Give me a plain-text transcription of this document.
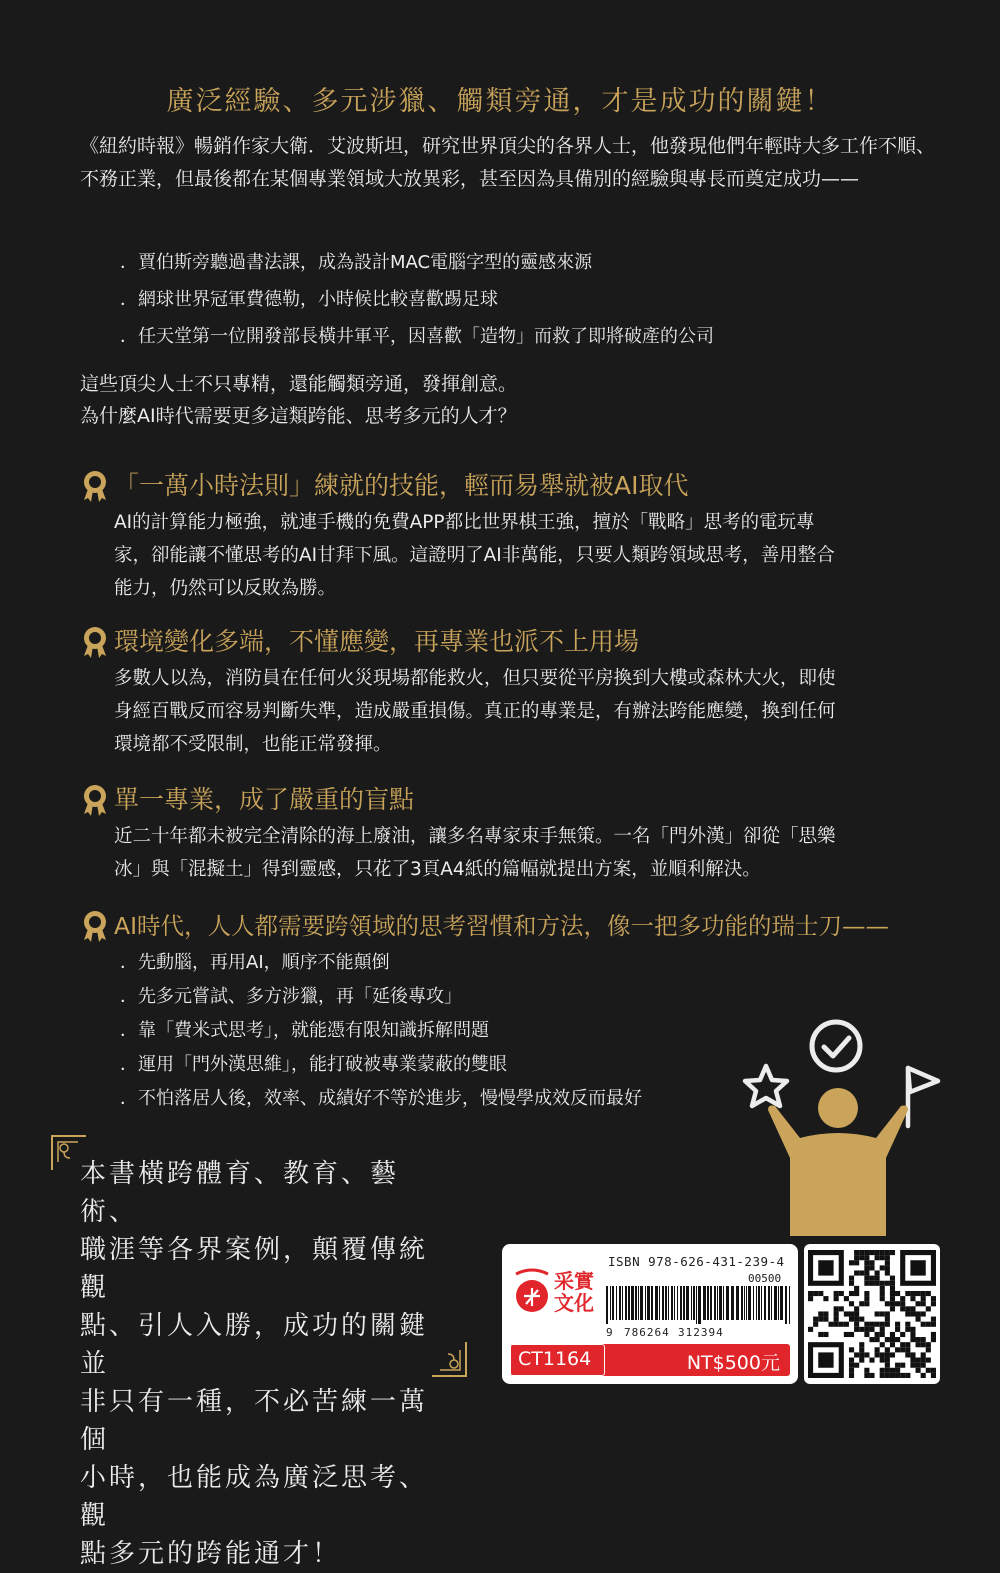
廣泛經驗、多元涉獵、觸類旁通，才是成功的關鍵！

《紐約時報》暢銷作家大衛．艾波斯坦，研究世界頂尖的各界人士，他發現他們年輕時大多工作不順、不務正業，但最後都在某個專業領域大放異彩，甚至因為具備別的經驗與專長而奠定成功——

．賈伯斯旁聽過書法課，成為設計MAC電腦字型的靈感來源
．網球世界冠軍費德勒，小時候比較喜歡踢足球
．任天堂第一位開發部長橫井軍平，因喜歡「造物」而救了即將破產的公司
這些頂尖人士不只專精，還能觸類旁通，發揮創意。
為什麼AI時代需要更多這類跨能、思考多元的人才？
「一萬小時法則」練就的技能，輕而易舉就被AI取代
AI的計算能力極強，就連手機的免費APP都比世界棋王強，擅於「戰略」思考的電玩專
家，卻能讓不懂思考的AI甘拜下風。這證明了AI非萬能，只要人類跨領域思考，善用整合
能力，仍然可以反敗為勝。
環境變化多端，不懂應變，再專業也派不上用場
多數人以為，消防員在任何火災現場都能救火，但只要從平房換到大樓或森林大火，即使
身經百戰反而容易判斷失準，造成嚴重損傷。真正的專業是，有辦法跨能應變，換到任何
環境都不受限制，也能正常發揮。
單一專業，成了嚴重的盲點
近二十年都未被完全清除的海上廢油，讓多名專家束手無策。一名「門外漢」卻從「思樂
冰」與「混擬土」得到靈感，只花了3頁A4紙的篇幅就提出方案，並順利解決。
AI時代，人人都需要跨領域的思考習慣和方法，像一把多功能的瑞士刀——
．先動腦，再用AI，順序不能顛倒
．先多元嘗試、多方涉獵，再「延後專攻」
．靠「費米式思考」，就能憑有限知識拆解問題
．運用「門外漢思維」，能打破被專業蒙蔽的雙眼
．不怕落居人後，效率、成績好不等於進步，慢慢學成效反而最好
本書橫跨體育、教育、藝術、
職涯等各界案例，顛覆傳統觀
點、引人入勝，成功的關鍵並
非只有一種，不必苦練一萬個
小時，也能成為廣泛思考、觀
點多元的跨能通才！
采實
文化
ISBN 978-626-431-239-4
00500
9 786264 312394
CT1164	NT$500元
